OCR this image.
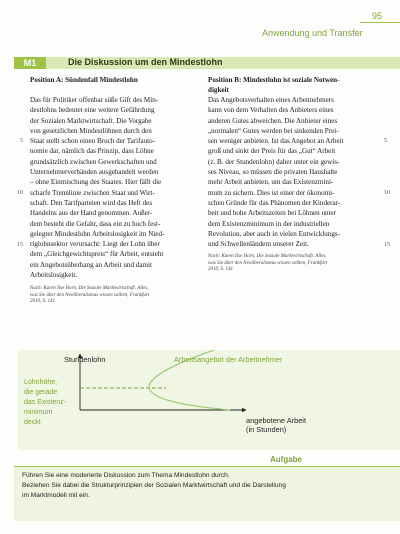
95
Anwendung und Transfer
M1	Die Diskussion um den Mindestlohn
Position A: Sündenfall Mindestlohn
Das für Politiker offenbar süße Gift des Min-
destlohns bedeutet eine weitere Gefährdung
der Sozialen Marktwirtschaft. Die Vorgabe
von gesetzlichen Mindestlöhnen durch den
Staat stellt schon einen Bruch der Tarifauto-
nomie dar, nämlich das Prinzip, dass Löhne
grundsätzlich zwischen Gewerkschaften und
Unternehmerverbänden ausgehandelt werden
– ohne Einmischung des Staates. Hier fällt die
scharfe Trennlinie zwischen Staat und Wirt-
schaft. Den Tarifparteien wird das Heft des
Handelns aus der Hand genommen. Außer-
dem besteht die Gefahr, dass ein zu hoch fest-
gelegter Mindestlohn Arbeitslosigkeit im Nied-
riglohnsektor verursacht: Liegt der Lohn über
dem „Gleichgewichtspreis“ für Arbeit, entsteht
ein Angebotsüberhang an Arbeit und damit
Arbeitslosigkeit.
Nach: Karen Ilse Horn, Die Soziale Marktwirtschaft. Alles,
was Sie über den Neoliberalismus wissen sollten, Frankfurt
2010, S. 141
5
10
15
5
10
15
Position B: Mindestlohn ist soziale Notwen-
digkeit
Das Angebotsverhalten eines Arbeitnehmers
kann von dem Verhalten des Anbieters eines
anderen Gutes abweichen. Die Anbieter eines
„normalen“ Gutes werden bei sinkenden Prei-
sen weniger anbieten. Ist das Angebot an Arbeit
groß und sinkt der Preis für das „Gut“ Arbeit
(z. B. der Stundenlohn) daher unter ein gewis-
ses Niveau, so müssen die privaten Haushalte
mehr Arbeit anbieten, um das Existenzmini-
mum zu sichern. Dies ist einer der ökonomi-
schen Gründe für das Phänomen der Kinderar-
beit und hohe Arbeitszeiten bei Löhnen unter
dem Existenzminimum in der industriellen
Revolution, aber auch in vielen Entwicklungs-
und Schwellenländern unserer Zeit.
Nach: Karen Ilse Horn, Die Soziale Marktwirtschaft. Alles,
was Sie über den Neoliberalismus wissen sollten, Frankfurt
2010, S. 141
Stundenlohn	Arbeitsangebot der Arbeitnehmer
Lohnhöhe,
die gerade
das Existenz-
minimum
deckt	angebotene Arbeit
(in Stunden)
Aufgabe
Führen Sie eine moderierte Diskussion zum Thema Mindestlohn durch.
Beziehen Sie dabei die Strukturprinzipien der Sozialen Marktwirtschaft und die Darstellung
im Marktmodell mit ein.
